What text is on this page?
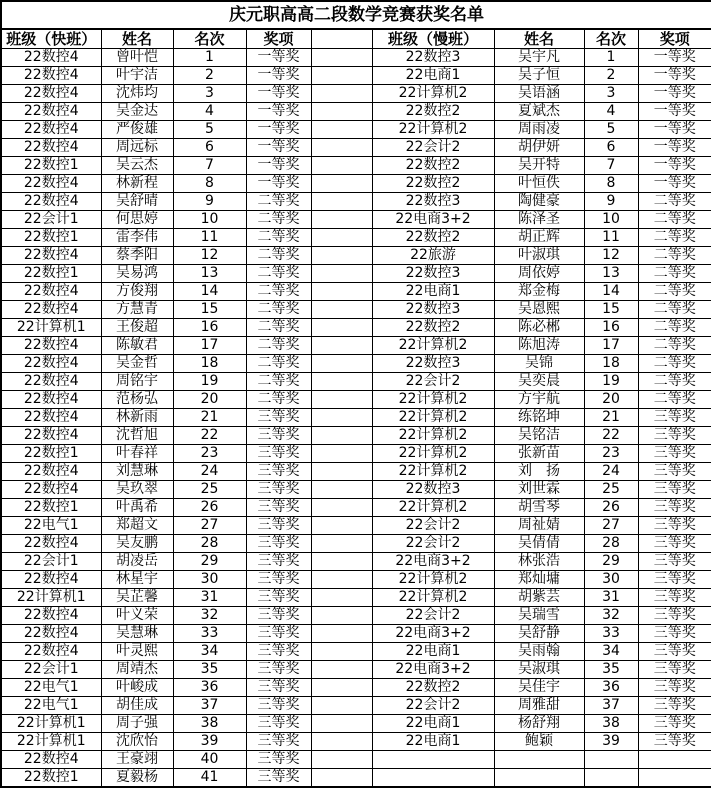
庆元职高高二段数学竞赛获奖名单								
班级（快班）	姓名	名次	奖项		班级（慢班）	姓名	名次	奖项
22数控4	曾叶恺	1	一等奖		22数控3	吴宇凡	1	一等奖
22数控4	叶宇洁	2	一等奖		22电商1	吴子恒	2	一等奖
22数控4	沈炜均	3	一等奖		22计算机2	吴语涵	3	一等奖
22数控4	吴金达	4	一等奖		22数控2	夏斌杰	4	一等奖
22数控4	严俊雄	5	一等奖		22计算机2	周雨凌	5	一等奖
22数控4	周远标	6	一等奖		22会计2	胡伊妍	6	一等奖
22数控1	吴云杰	7	一等奖		22数控2	吴开特	7	一等奖
22数控4	林新程	8	一等奖		22数控2	叶恒佚	8	一等奖
22数控4	吴舒晴	9	二等奖		22数控3	陶健豪	9	二等奖
22会计1	何思婷	10	二等奖		22电商3+2	陈泽圣	10	二等奖
22数控1	雷李伟	11	二等奖		22数控2	胡正辉	11	二等奖
22数控4	蔡季阳	12	二等奖		22旅游	叶淑琪	12	二等奖
22数控1	吴易鸿	13	二等奖		22数控3	周依婷	13	二等奖
22数控4	方俊翔	14	二等奖		22电商1	郑金梅	14	二等奖
22数控4	方慧青	15	二等奖		22数控3	吴恩熙	15	二等奖
22计算机1	王俊超	16	二等奖		22数控2	陈必郴	16	二等奖
22数控4	陈敏君	17	二等奖		22计算机2	陈旭涛	17	二等奖
22数控4	吴金哲	18	二等奖		22数控3	吴锦	18	二等奖
22数控4	周铭宇	19	二等奖		22会计2	吴奕晨	19	二等奖
22数控4	范杨弘	20	二等奖		22计算机2	方宇航	20	二等奖
22数控4	林新雨	21	三等奖		22计算机2	练铭坤	21	三等奖
22数控4	沈哲旭	22	三等奖		22计算机2	吴铭洁	22	三等奖
22数控1	叶春祥	23	三等奖		22计算机2	张新苗	23	三等奖
22数控4	刘慧琳	24	三等奖		22计算机2	刘　扬	24	三等奖
22数控4	吴玖翠	25	三等奖		22数控3	刘世霖	25	三等奖
22数控1	叶禹希	26	三等奖		22计算机2	胡雪琴	26	三等奖
22电气1	郑超文	27	三等奖		22会计2	周祉婧	27	三等奖
22数控4	吴友鹏	28	三等奖		22会计2	吴倩倩	28	三等奖
22会计1	胡凌岳	29	三等奖		22电商3+2	林张浩	29	三等奖
22数控4	林星宇	30	三等奖		22计算机2	郑灿墉	30	三等奖
22计算机1	吴芷馨	31	三等奖		22计算机2	胡紫芸	31	三等奖
22数控4	叶义荣	32	三等奖		22会计2	吴瑞雪	32	三等奖
22数控4	吴慧琳	33	三等奖		22电商3+2	吴舒静	33	三等奖
22数控4	叶灵熙	34	三等奖		22电商1	吴雨翰	34	三等奖
22会计1	周靖杰	35	三等奖		22电商3+2	吴淑琪	35	三等奖
22电气1	叶峻成	36	三等奖		22数控2	吴佳宇	36	三等奖
22电气1	胡佳成	37	三等奖		22会计2	周雅甜	37	三等奖
22计算机1	周子强	38	三等奖		22电商1	杨舒翔	38	三等奖
22计算机1	沈欣怡	39	三等奖		22电商1	鲍颖	39	三等奖
22数控4	王豪翊	40	三等奖					
22数控1	夏毅杨	41	三等奖					
